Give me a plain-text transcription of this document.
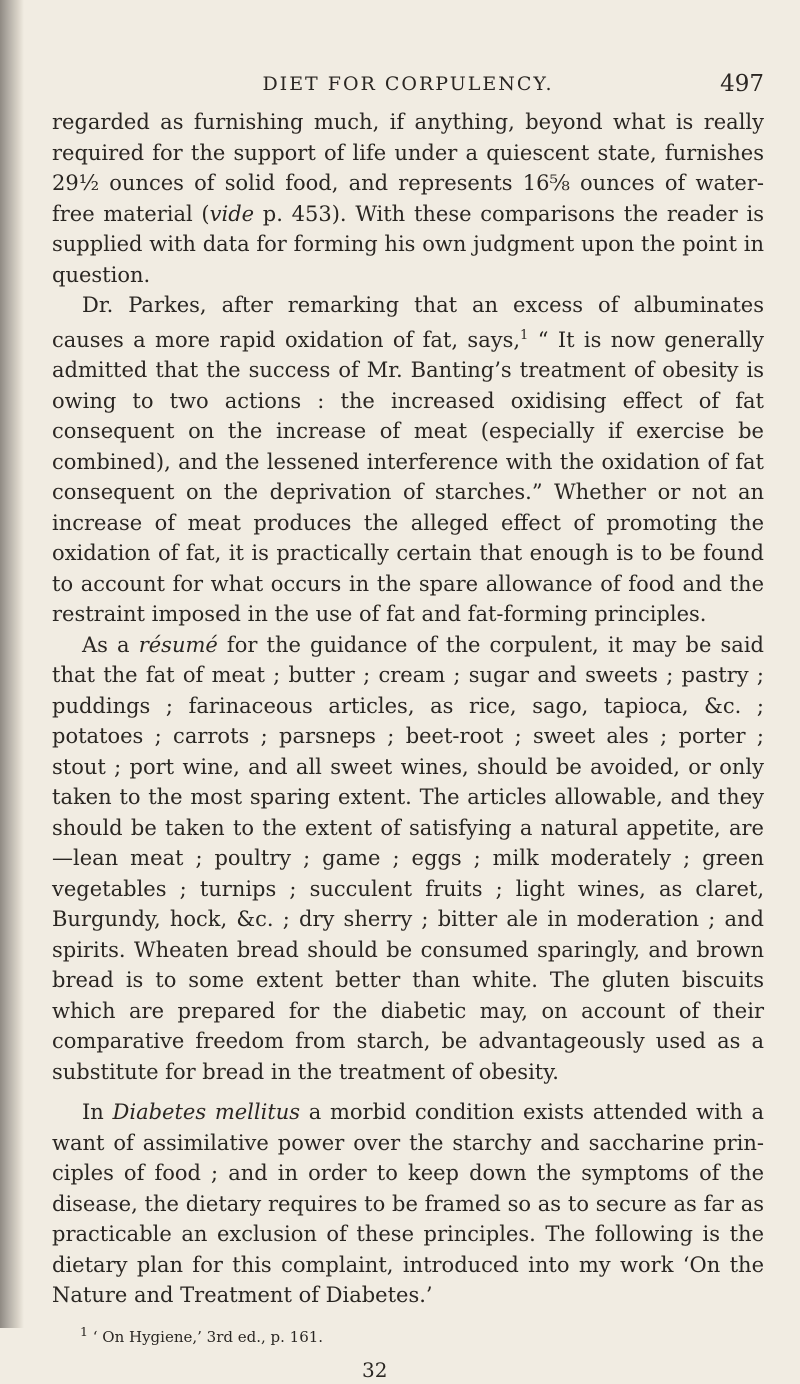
DIET FOR CORPULENCY.	497

regarded as furnishing much, if anything, beyond what is really required for the support of life under a quiescent state, furnishes 29½ ounces of solid food, and represents 16⅝ ounces of water-free material (vide p. 453). With these comparisons the reader is supplied with data for forming his own judgment upon the point in question.

Dr. Parkes, after remarking that an excess of albuminates causes a more rapid oxidation of fat, says,$^1$ “ It is now generally admitted that the success of Mr. Banting’s treatment of obesity is owing to two actions : the increased oxidising effect of fat consequent on the increase of meat (especially if exercise be combined), and the lessened interference with the oxidation of fat consequent on the deprivation of starches.” Whether or not an increase of meat produces the alleged effect of promoting the oxidation of fat, it is practically certain that enough is to be found to account for what occurs in the spare allowance of food and the restraint imposed in the use of fat and fat-forming principles.

As a résumé for the guidance of the corpulent, it may be said that the fat of meat ; butter ; cream ; sugar and sweets ; pastry ; puddings ; farinaceous articles, as rice, sago, tapioca, &c. ; potatoes ; carrots ; parsneps ; beet-root ; sweet ales ; porter ; stout ; port wine, and all sweet wines, should be avoided, or only taken to the most sparing extent. The articles allowable, and they should be taken to the extent of satisfying a natural appetite, are—lean meat ; poultry ; game ; eggs ; milk moderately ; green vegetables ; turnips ; succulent fruits ; light wines, as claret, Burgundy, hock, &c. ; dry sherry ; bitter ale in moderation ; and spirits. Wheaten bread should be consumed sparingly, and brown bread is to some extent better than white. The gluten biscuits which are prepared for the diabetic may, on account of their comparative freedom from starch, be advantageously used as a substitute for bread in the treatment of obesity.

In Diabetes mellitus a morbid condition exists attended with a want of assimilative power over the starchy and saccharine principles of food ; and in order to keep down the symptoms of the disease, the dietary requires to be framed so as to secure as far as practicable an exclusion of these principles. The following is the dietary plan for this complaint, introduced into my work ‘On the Nature and Treatment of Diabetes.’

$^1$ ‘ On Hygiene,’ 3rd ed., p. 161.
32
